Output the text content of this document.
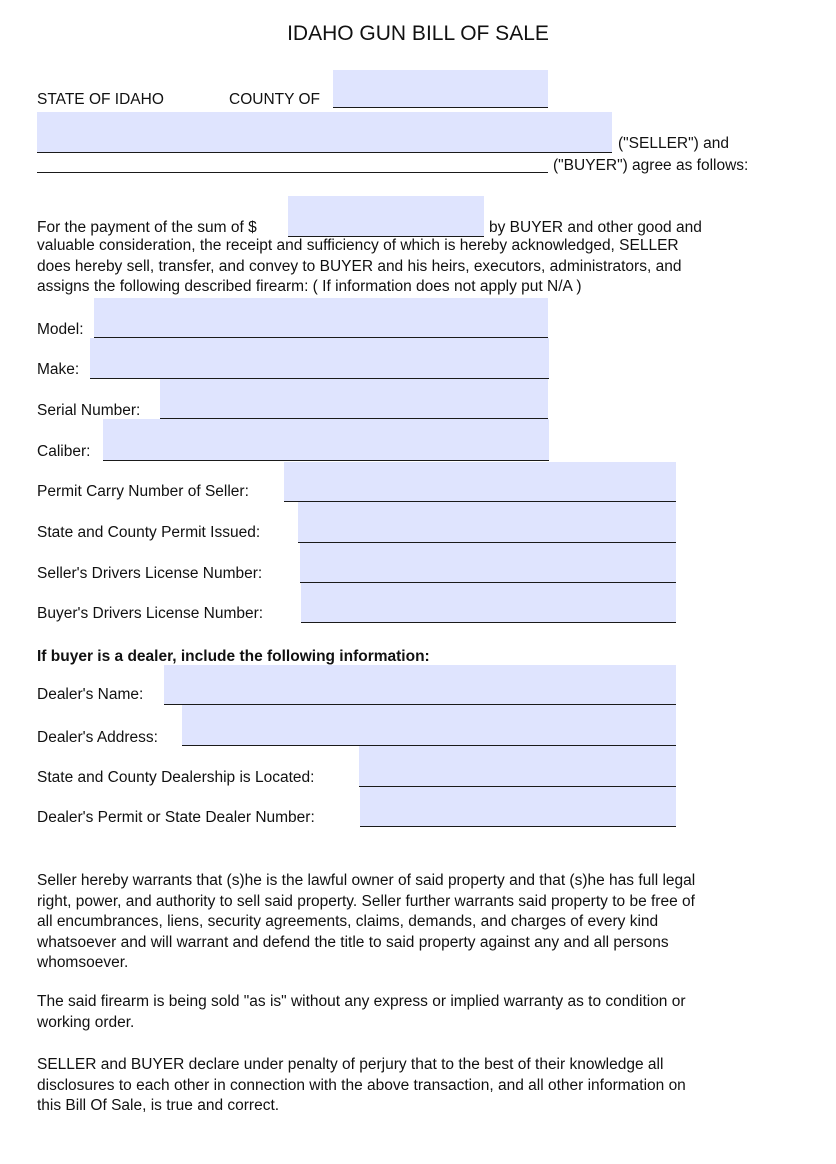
IDAHO GUN BILL OF SALE
STATE OF IDAHO	COUNTY OF
("SELLER") and
("BUYER") agree as follows:
For the payment of the sum of $	by BUYER and other good and
valuable consideration, the receipt and sufficiency of which is hereby acknowledged, SELLER
does hereby sell, transfer, and convey to BUYER and his heirs, executors, administrators, and
assigns the following described firearm: ( If information does not apply put N/A )
Model:
Make:
Serial Number:
Caliber:
Permit Carry Number of Seller:
State and County Permit Issued:
Seller's Drivers License Number:
Buyer's Drivers License Number:
If buyer is a dealer, include the following information:
Dealer's Name:
Dealer's Address:
State and County Dealership is Located:
Dealer's Permit or State Dealer Number:
Seller hereby warrants that (s)he is the lawful owner of said property and that (s)he has full legal
right, power, and authority to sell said property. Seller further warrants said property to be free of
all encumbrances, liens, security agreements, claims, demands, and charges of every kind
whatsoever and will warrant and defend the title to said property against any and all persons
whomsoever.
The said firearm is being sold "as is" without any express or implied warranty as to condition or
working order.
SELLER and BUYER declare under penalty of perjury that to the best of their knowledge all
disclosures to each other in connection with the above transaction, and all other information on
this Bill Of Sale, is true and correct.
